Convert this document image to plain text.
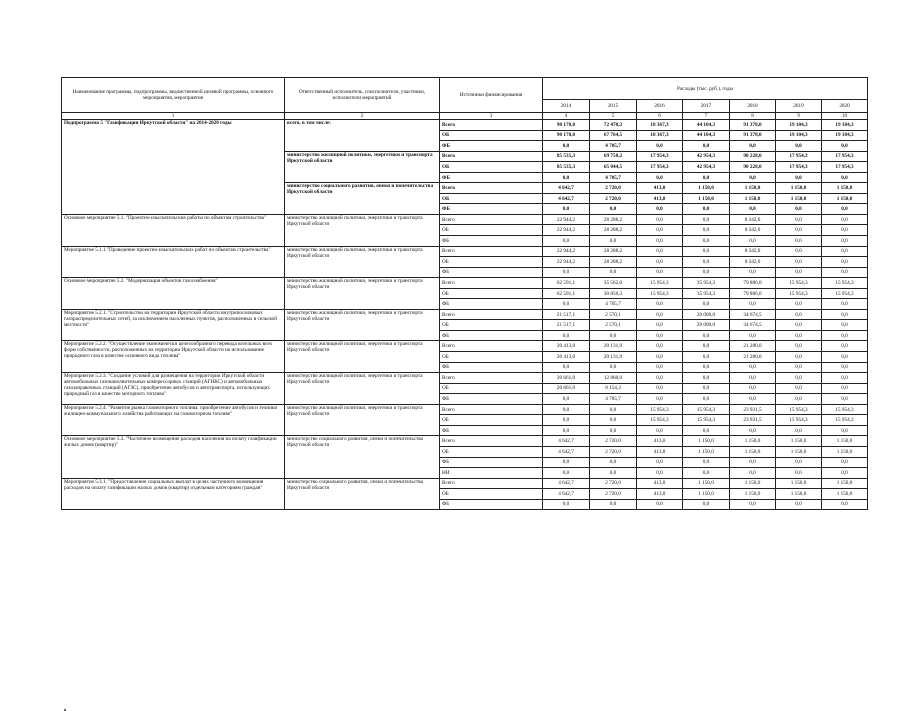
Наименование программы, подпрограммы, ведомственной целевой программы, основного мероприятия, мероприятия	Ответственный исполнитель, соисполнители, участники, исполнители мероприятий	Источники финансирования	Расходы (тыс. руб.), годы						
			2014	2015	2016	2017	2018	2019	2020
1	2	3	4	5	6	7	8	9	10
Подпрограмма 5 "Газификация Иркутской области" на 2014-2020 годы	всего, в том числе:	Всего	90 178,0	72 470,3	18 367,3	44 104,3	91 378,0	19 104,3	19 104,3
		ОБ	90 178,0	67 764,5	18 367,3	44 104,3	91 378,0	19 104,3	19 104,3
		ФБ	0,0	4 705,7	0,0	0,0	0,0	0,0	0,0
	министерство жилищной политики, энергетики и транспорта Иркутской области	Всего	85 535,3	69 750,2	17 954,3	42 954,3	90 228,0	17 954,3	17 954,3
		ОБ	85 535,3	65 044,5	17 954,3	42 954,3	90 228,0	17 954,3	17 954,3
		ФБ	0,0	4 705,7	0,0	0,0	0,0	0,0	0,0
	министерство социального развития, опеки и попечительства Иркутской области	Всего	4 642,7	2 720,0	413,0	1 150,0	1 150,0	1 150,0	1 150,0
		ОБ	4 642,7	2 720,0	413,0	1 150,0	1 150,0	1 150,0	1 150,0
		ФБ	0,0	0,0	0,0	0,0	0,0	0,0	0,0
Основное мероприятие 5.1. "Проектно-изыскательские работы по объектам строительства"	министерство жилищной политики, энергетики и транспорта Иркутской области	Всего	22 944,2	28 288,2	0,0	0,0	8 342,0	0,0	0,0
		ОБ	22 944,2	28 288,2	0,0	0,0	8 342,0	0,0	0,0
		ФБ	0,0	0,0	0,0	0,0	0,0	0,0	0,0
Мероприятие 5.1.1 "Проведение проектно-изыскательских работ по объектам строительства"	министерство жилищной политики, энергетики и транспорта Иркутской области	Всего	22 944,2	28 288,2	0,0	0,0	8 342,0	0,0	0,0
		ОБ	22 944,2	28 288,2	0,0	0,0	8 342,0	0,0	0,0
		ФБ	0,0	0,0	0,0	0,0	0,0	0,0	0,0
Основное мероприятие 5.2. "Модернизация объектов газоснабжения"	министерство жилищной политики, энергетики и транспорта Иркутской области	Всего	62 591,1	35 562,0	15 954,3	35 954,3	79 886,0	15 954,3	15 954,3
		ОБ	62 591,1	30 856,3	15 954,3	35 954,3	79 886,0	15 954,3	15 954,3
		ФБ	0,0	4 705,7	0,0	0,0	0,0	0,0	0,0
Мероприятие 5.2.1. "Строительство на территории Иркутской области внутрипоселковых газораспределительных сетей, за исключением насоленных пунктов, расположенных в сельской местности"	министерство жилищной политики, энергетики и транспорта Иркутской области	Всего	21 517,1	2 570,1	0,0	20 000,0	34 674,5	0,0	0,0
		ОБ	21 517,1	2 570,1	0,0	20 000,0	34 674,5	0,0	0,0
		ФБ	0,0	0,0	0,0	0,0	0,0	0,0	0,0
Мероприятие 5.2.2. "Осуществление экономически целесообразного перевода котельных всех форм собственности, расположенных на территории Иркутской области на использование природного газа в качестве основного вида топлива"	министерство жилищной политики, энергетики и транспорта Иркутской области	Всего	20 413,0	20 131,9	0,0	0,0	21 280,0	0,0	0,0
		ОБ	20 413,0	20 131,9	0,0	0,0	21 280,0	0,0	0,0
		ФБ	0,0	0,0	0,0	0,0	0,0	0,0	0,0
Мероприятие 5.2.3. "Создание условий для размещения на территории Иркутской области автомобильных газонаполнительных компрессорных станций (АГНКС) и автомобильных газозаправочных станций (АГЗС), приобретение автобусов и автотранспорта, использующих природный газ в качестве моторного топлива"	министерство жилищной политики, энергетики и транспорта Иркутской области	Всего	20 661,0	12 860,0	0,0	0,0	0,0	0,0	0,0
		ОБ	20 661,0	8 154,3	0,0	0,0	0,0	0,0	0,0
		ФБ	0,0	4 705,7	0,0	0,0	0,0	0,0	0,0
Мероприятие 5.2.4. "Развитие рынка газомоторного топлива: приобретение автобусов и техники жилищно-коммунального хозяйства работающих на газомоторном топливе"	министерство жилищной политики, энергетики и транспорта Иркутской области	Всего	0,0	0,0	15 954,3	15 954,3	23 931,5	15 954,3	15 954,3
		ОБ	0,0	0,0	15 954,3	15 954,3	23 931,5	15 954,3	15 954,3
		ФБ	0,0	0,0	0,0	0,0	0,0	0,0	0,0
Основное мероприятие 5.3. "Частичное возмещение расходов населения на оплату газификации жилых домов (квартир)"	министерство социального развития, опеки и попечительства Иркутской области	Всего	4 642,7	2 720,0	413,0	1 150,0	1 150,0	1 150,0	1 150,0
		ОБ	4 642,7	2 720,0	413,0	1 150,0	1 150,0	1 150,0	1 150,0
		ФБ	0,0	0,0	0,0	0,0	0,0	0,0	0,0
		НИ	0,0	0,0	0,0	0,0	0,0	0,0	0,0
Мероприятие 5.3.1. "Предоставление социальных выплат в целях частичного возмещения расходов на оплату газификации жилых домов (квартир) отдельным категориям граждан"	министерство социального развития, опеки и попечительства Иркутской области	Всего	4 642,7	2 720,0	413,0	1 150,0	1 150,0	1 150,0	1 150,0
		ОБ	4 642,7	2 720,0	413,0	1 150,0	1 150,0	1 150,0	1 150,0
		ФБ	0,0	0,0	0,0	0,0	0,0	0,0	0,0
